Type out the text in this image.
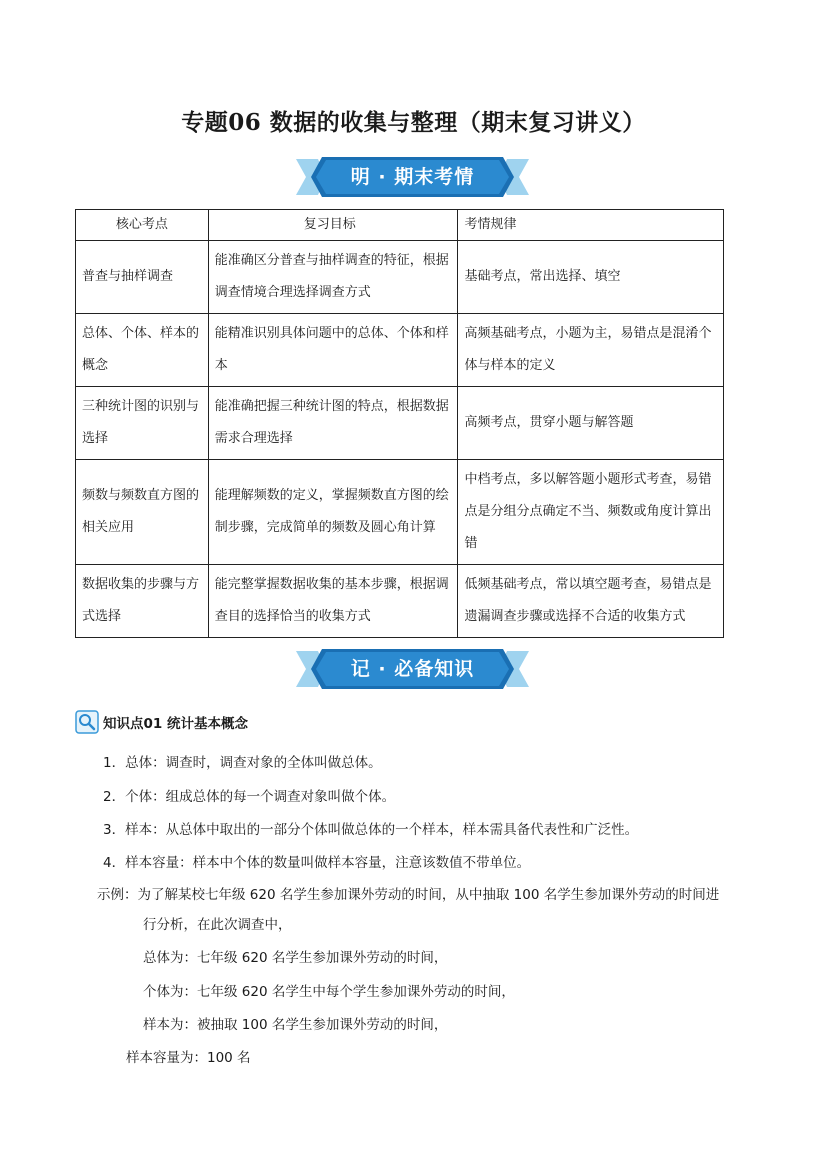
专题06 数据的收集与整理（期末复习讲义）
明 · 期末考情
核心考点	复习目标	考情规律
普查与抽样调查	能准确区分普查与抽样调查的特征，根据调查情境合理选择调查方式	基础考点，常出选择、填空
总体、个体、样本的概念	能精准识别具体问题中的总体、个体和样本	高频基础考点，小题为主，易错点是混淆个体与样本的定义
三种统计图的识别与选择	能准确把握三种统计图的特点，根据数据需求合理选择	高频考点，贯穿小题与解答题
频数与频数直方图的相关应用	能理解频数的定义，掌握频数直方图的绘制步骤，完成简单的频数及圆心角计算	中档考点，多以解答题小题形式考查，易错点是分组分点确定不当、频数或角度计算出错
数据收集的步骤与方式选择	能完整掌握数据收集的基本步骤，根据调查目的选择恰当的收集方式	低频基础考点，常以填空题考查，易错点是遗漏调查步骤或选择不合适的收集方式
记 · 必备知识
知识点01 统计基本概念
1．总体：调查时，调查对象的全体叫做总体。
2．个体：组成总体的每一个调查对象叫做个体。
3．样本：从总体中取出的一部分个体叫做总体的一个样本，样本需具备代表性和广泛性。
4．样本容量：样本中个体的数量叫做样本容量，注意该数值不带单位。
示例：为了解某校七年级 620 名学生参加课外劳动的时间，从中抽取 100 名学生参加课外劳动的时间进
行分析，在此次调查中，
总体为：七年级 620 名学生参加课外劳动的时间，
个体为：七年级 620 名学生中每个学生参加课外劳动的时间，
样本为：被抽取 100 名学生参加课外劳动的时间，
样本容量为：100 名
